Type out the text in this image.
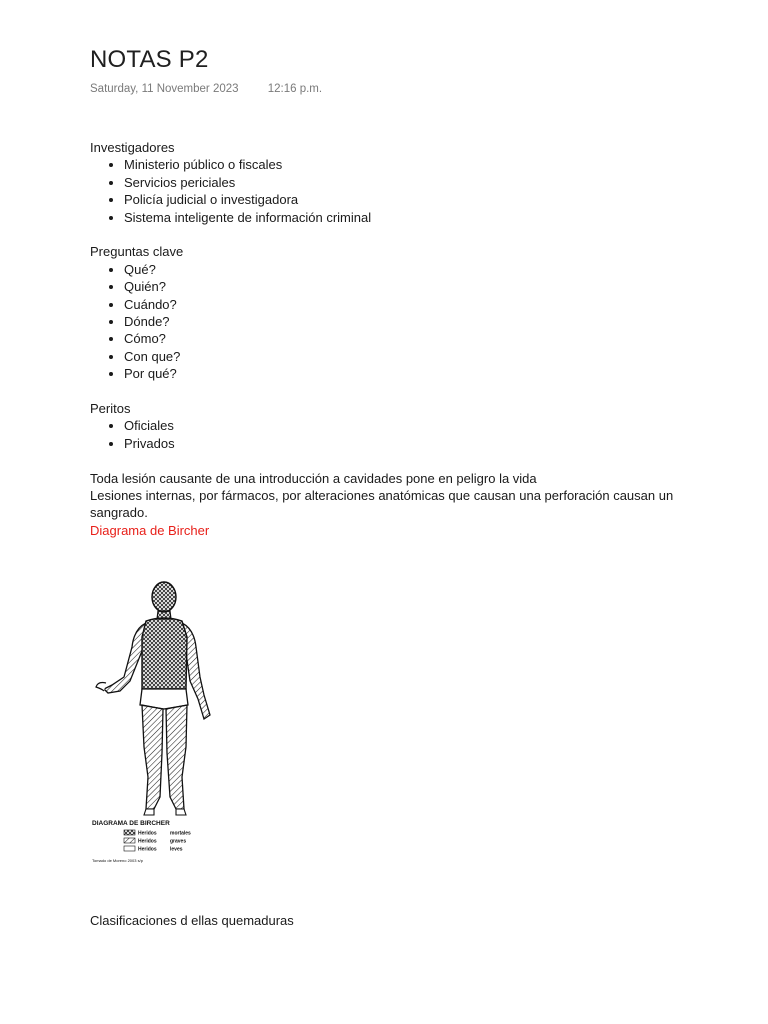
NOTAS P2
Saturday, 11 November 2023	12:16 p.m.

Investigadores

• Ministerio público o fiscales
• Servicios periciales
• Policía judicial o investigadora
• Sistema inteligente de información criminal

Preguntas clave

• Qué?
• Quién?
• Cuándo?
• Dónde?
• Cómo?
• Con que?
• Por qué?

Peritos

• Oficiales
• Privados

Toda lesión causante de una introducción a cavidades pone en peligro la vida

Lesiones internas, por fármacos, por alteraciones anatómicas que causan una perforación causan un sangrado.

Diagrama de Bircher

DIAGRAMA DE BIRCHER
Heridos	mortales
Heridos	graves
Heridos	leves
Tomado de Moreno 2003 s/p

Clasificaciones d ellas quemaduras
